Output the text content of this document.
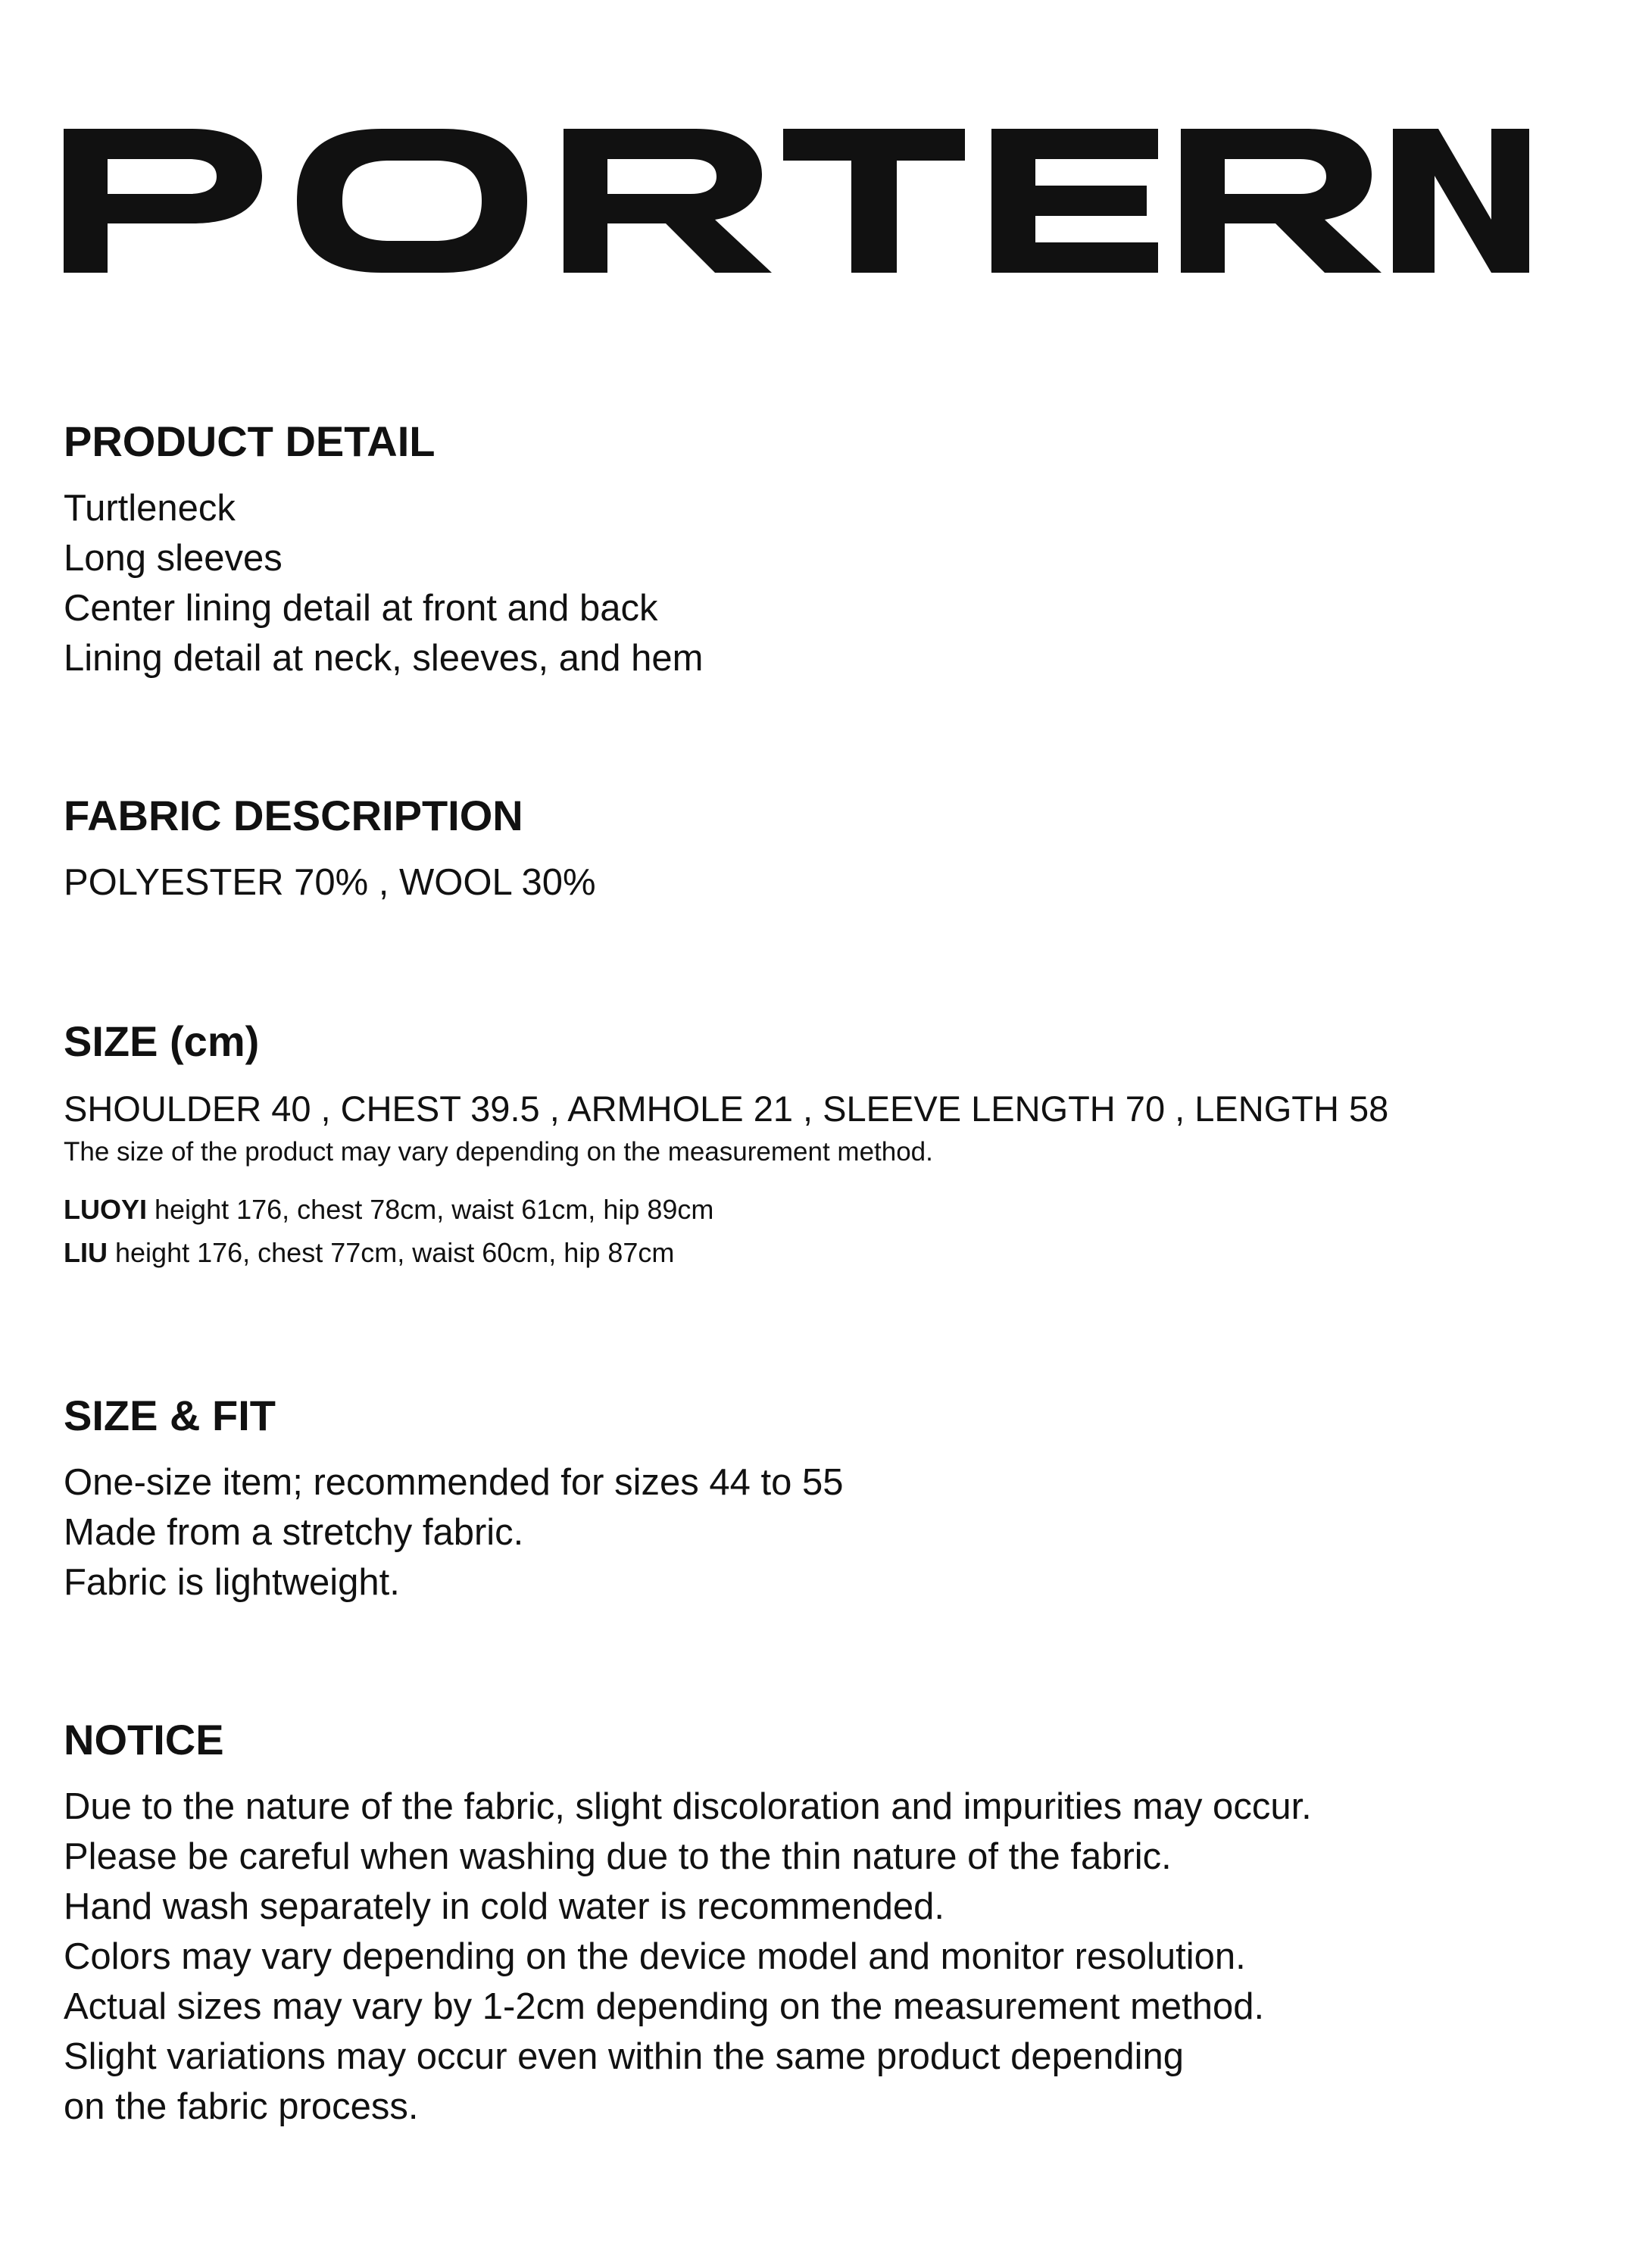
PRODUCT DETAIL
Turtleneck
Long sleeves
Center lining detail at front and back
Lining detail at neck, sleeves, and hem
FABRIC DESCRIPTION

POLYESTER 70% , WOOL 30%

SIZE (cm)

SHOULDER 40 , CHEST 39.5 , ARMHOLE 21 , SLEEVE LENGTH 70 , LENGTH 58

The size of the product may vary depending on the measurement method.

LUOYI height 176, chest 78cm, waist 61cm, hip 89cm
LIU height 176, chest 77cm, waist 60cm, hip 87cm
SIZE & FIT
One-size item; recommended for sizes 44 to 55
Made from a stretchy fabric.
Fabric is lightweight.
NOTICE
Due to the nature of the fabric, slight discoloration and impurities may occur.
Please be careful when washing due to the thin nature of the fabric.
Hand wash separately in cold water is recommended.
Colors may vary depending on the device model and monitor resolution.
Actual sizes may vary by 1-2cm depending on the measurement method.
Slight variations may occur even within the same product depending
on the fabric process.
